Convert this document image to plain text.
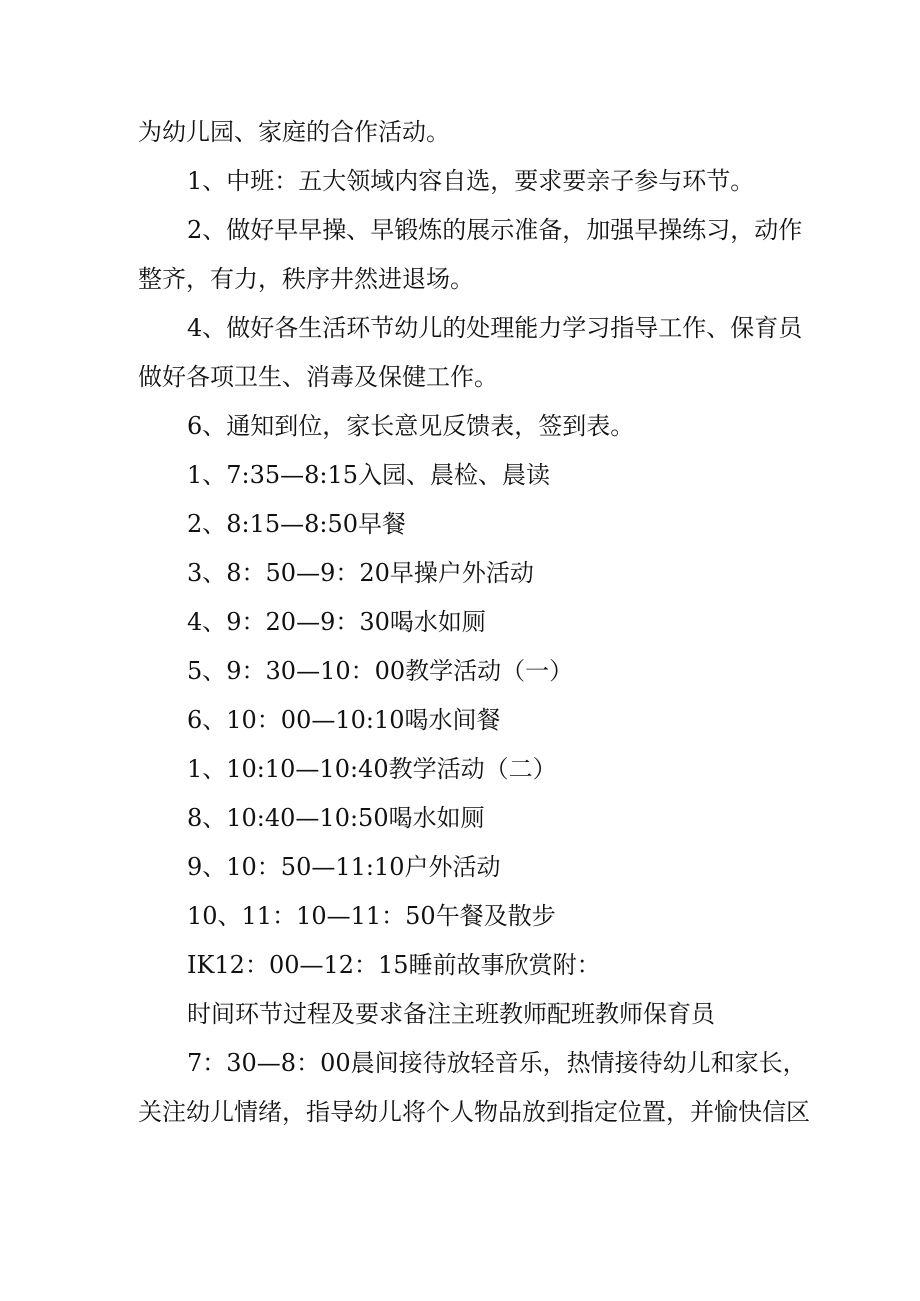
为幼儿园、家庭的合作活动。
1、中班：五大领域内容自选，要求要亲子参与环节。
2、做好早早操、早锻炼的展示准备，加强早操练习，动作
整齐，有力，秩序井然进退场。
4、做好各生活环节幼儿的处理能力学习指导工作、保育员
做好各项卫生、消毒及保健工作。
6、通知到位，家长意见反馈表，签到表。
1、7:35—8:15入园、晨检、晨读
2、8:15—8:50早餐
3、8：50—9：20早操户外活动
4、9：20—9：30喝水如厕
5、9：30—10：00教学活动（一）
6、10：00—10:10喝水间餐
1、10:10—10:40教学活动（二）
8、10:40—10:50喝水如厕
9、10：50—11:10户外活动
10、11：10—11：50午餐及散步
IK12：00—12：15睡前故事欣赏附：
时间环节过程及要求备注主班教师配班教师保育员
7：30—8：00晨间接待放轻音乐，热情接待幼儿和家长，
关注幼儿情绪，指导幼儿将个人物品放到指定位置，并愉快信区
